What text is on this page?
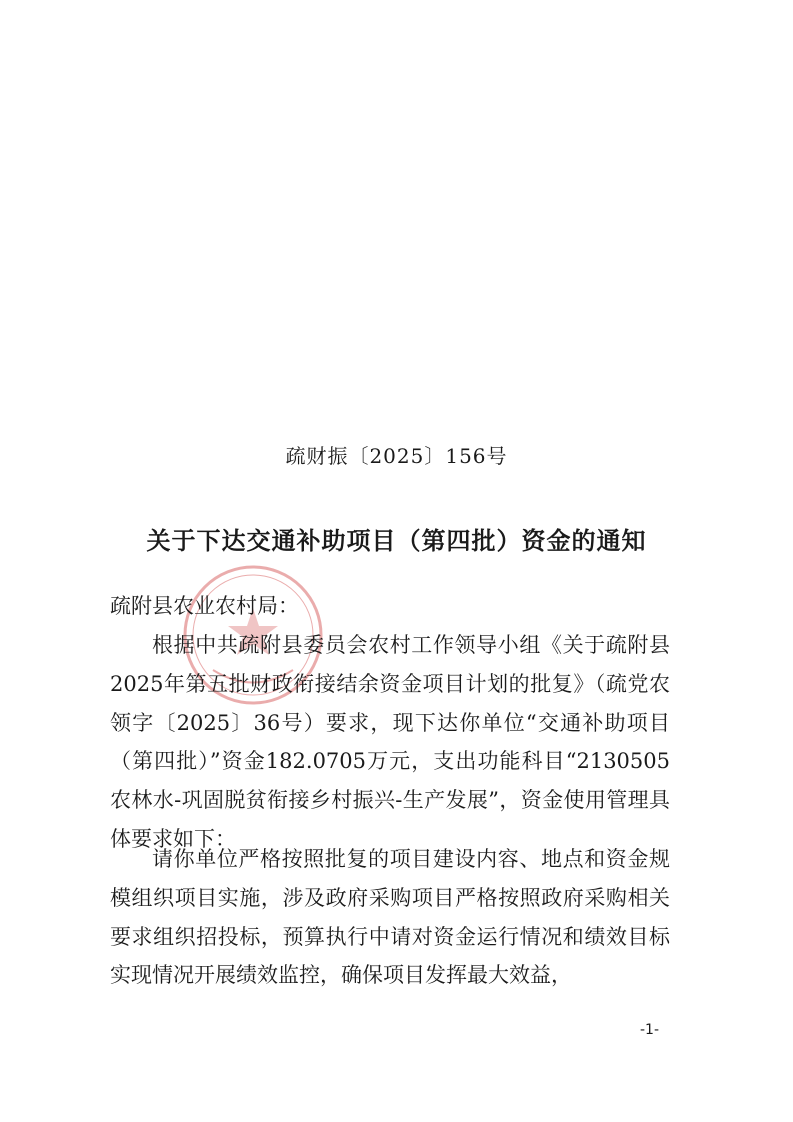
疏财振〔2025〕156号
关于下达交通补助项目（第四批）资金的通知
疏附县农业农村局：
根据中共疏附县委员会农村工作领导小组《关于疏附县2025年第五批财政衔接结余资金项目计划的批复》（疏党农领字〔2025〕36号）要求，现下达你单位“交通补助项目（第四批）”资金182.0705万元，支出功能科目“2130505农林水-巩固脱贫衔接乡村振兴-生产发展”，资金使用管理具体要求如下：
请你单位严格按照批复的项目建设内容、地点和资金规模组织项目实施，涉及政府采购项目严格按照政府采购相关要求组织招投标，预算执行中请对资金运行情况和绩效目标实现情况开展绩效监控，确保项目发挥最大效益，
-1-
